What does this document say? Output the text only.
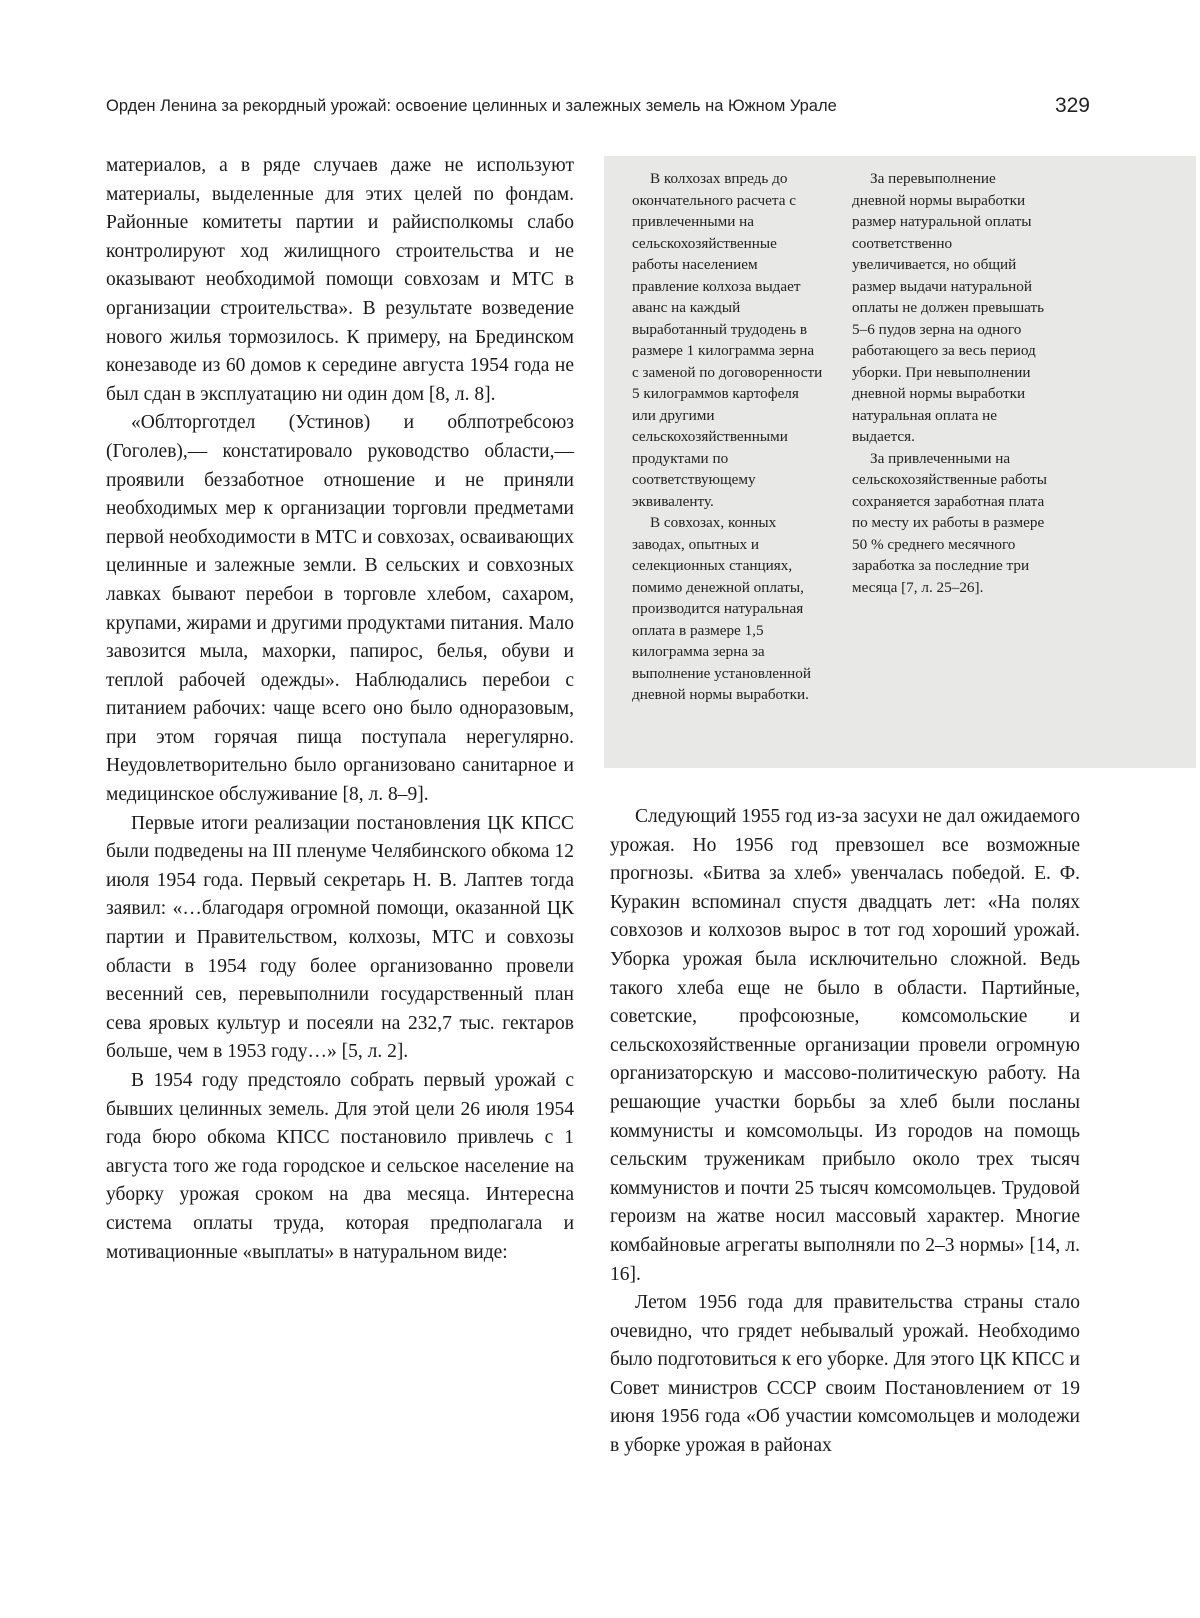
Орден Ленина за рекордный урожай: освоение целинных и залежных земель на Южном Урале	329

материалов, а в ряде случаев даже не используют материалы, выделенные для этих целей по фондам. Районные комитеты партии и райисполкомы слабо контролируют ход жилищного строительства и не оказывают необходимой помощи совхозам и МТС в организации строительства». В результате возведение нового жилья тормозилось. К примеру, на Брединском конезаводе из 60 домов к середине августа 1954 года не был сдан в эксплуатацию ни один дом [8, л. 8].

«Облторготдел (Устинов) и облпотребсоюз (Гоголев),— констатировало руководство области,— проявили беззаботное отношение и не приняли необходимых мер к организации торговли предметами первой необходимости в МТС и совхозах, осваивающих целинные и залежные земли. В сельских и совхозных лавках бывают перебои в торговле хлебом, сахаром, крупами, жирами и другими продуктами питания. Мало завозится мыла, махорки, папирос, белья, обуви и теплой рабочей одежды». Наблюдались перебои с питанием рабочих: чаще всего оно было одноразовым, при этом горячая пища поступала нерегулярно. Неудовлетворительно было организовано санитарное и медицинское обслуживание [8, л. 8–9].

Первые итоги реализации постановления ЦК КПСС были подведены на III пленуме Челябинского обкома 12 июля 1954 года. Первый секретарь Н. В. Лаптев тогда заявил: «…благодаря огромной помощи, оказанной ЦК партии и Правительством, колхозы, МТС и совхозы области в 1954 году более организованно провели весенний сев, перевыполнили государственный план сева яровых культур и посеяли на 232,7 тыс. гектаров больше, чем в 1953 году…» [5, л. 2].

В 1954 году предстояло собрать первый урожай с бывших целинных земель. Для этой цели 26 июля 1954 года бюро обкома КПСС постановило привлечь с 1 августа того же года городское и сельское население на уборку урожая сроком на два месяца. Интересна система оплаты труда, которая предполагала и мотивационные «выплаты» в натуральном виде:

В колхозах впредь до окончательного расчета с привлеченными на сельскохозяйственные работы населением правление колхоза выдает аванс на каждый выработанный трудодень в размере 1 килограмма зерна с заменой по договоренности 5 килограммов картофеля или другими сельскохозяйственными продуктами по соответствующему эквиваленту.

В совхозах, конных заводах, опытных и селекционных станциях, помимо денежной оплаты, производится натуральная оплата в размере 1,5 килограмма зерна за выполнение установленной дневной нормы выработки.

За перевыполнение дневной нормы выработки размер натуральной оплаты соответственно увеличивается, но общий размер выдачи натуральной оплаты не должен превышать 5–6 пудов зерна на одного работающего за весь период уборки. При невыполнении дневной нормы выработки натуральная оплата не выдается.

За привлеченными на сельскохозяйственные работы сохраняется заработная плата по месту их работы в размере 50 % среднего месячного заработка за последние три месяца [7, л. 25–26].

Следующий 1955 год из-за засухи не дал ожидаемого урожая. Но 1956 год превзошел все возможные прогнозы. «Битва за хлеб» увенчалась победой. Е. Ф. Куракин вспоминал спустя двадцать лет: «На полях совхозов и колхозов вырос в тот год хороший урожай. Уборка урожая была исключительно сложной. Ведь такого хлеба еще не было в области. Партийные, советские, профсоюзные, комсомольские и сельскохозяйственные организации провели огромную организаторскую и массово-политическую работу. На решающие участки борьбы за хлеб были посланы коммунисты и комсомольцы. Из городов на помощь сельским труженикам прибыло около трех тысяч коммунистов и почти 25 тысяч комсомольцев. Трудовой героизм на жатве носил массовый характер. Многие комбайновые агрегаты выполняли по 2–3 нормы» [14, л. 16].

Летом 1956 года для правительства страны стало очевидно, что грядет небывалый урожай. Необходимо было подготовиться к его уборке. Для этого ЦК КПСС и Совет министров СССР своим Постановлением от 19 июня 1956 года «Об участии комсомольцев и молодежи в уборке урожая в районах
